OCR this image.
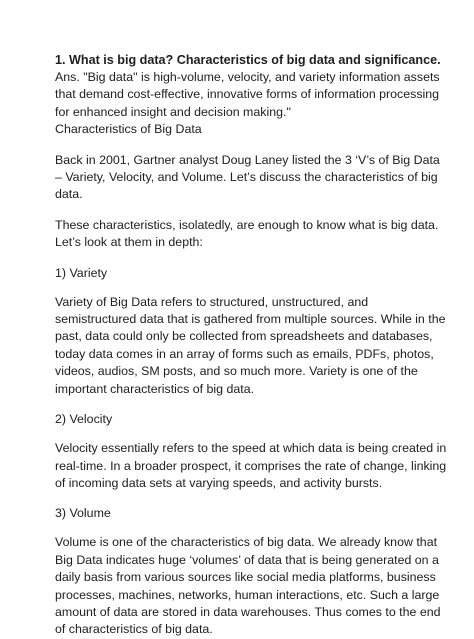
1. What is big data? Characteristics of big data and significance.

Ans. "Big data" is high-volume, velocity, and variety information assets that demand cost-effective, innovative forms of information processing for enhanced insight and decision making."

Characteristics of Big Data

Back in 2001, Gartner analyst Doug Laney listed the 3 ‘V’s of Big Data – Variety, Velocity, and Volume. Let’s discuss the characteristics of big data.

These characteristics, isolatedly, are enough to know what is big data. Let’s look at them in depth:

1) Variety

Variety of Big Data refers to structured, unstructured, and semistructured data that is gathered from multiple sources. While in the past, data could only be collected from spreadsheets and databases, today data comes in an array of forms such as emails, PDFs, photos, videos, audios, SM posts, and so much more. Variety is one of the important characteristics of big data.

2) Velocity

Velocity essentially refers to the speed at which data is being created in real-time. In a broader prospect, it comprises the rate of change, linking of incoming data sets at varying speeds, and activity bursts.

3) Volume

Volume is one of the characteristics of big data. We already know that Big Data indicates huge ‘volumes’ of data that is being generated on a daily basis from various sources like social media platforms, business processes, machines, networks, human interactions, etc. Such a large amount of data are stored in data warehouses. Thus comes to the end of characteristics of big data.
